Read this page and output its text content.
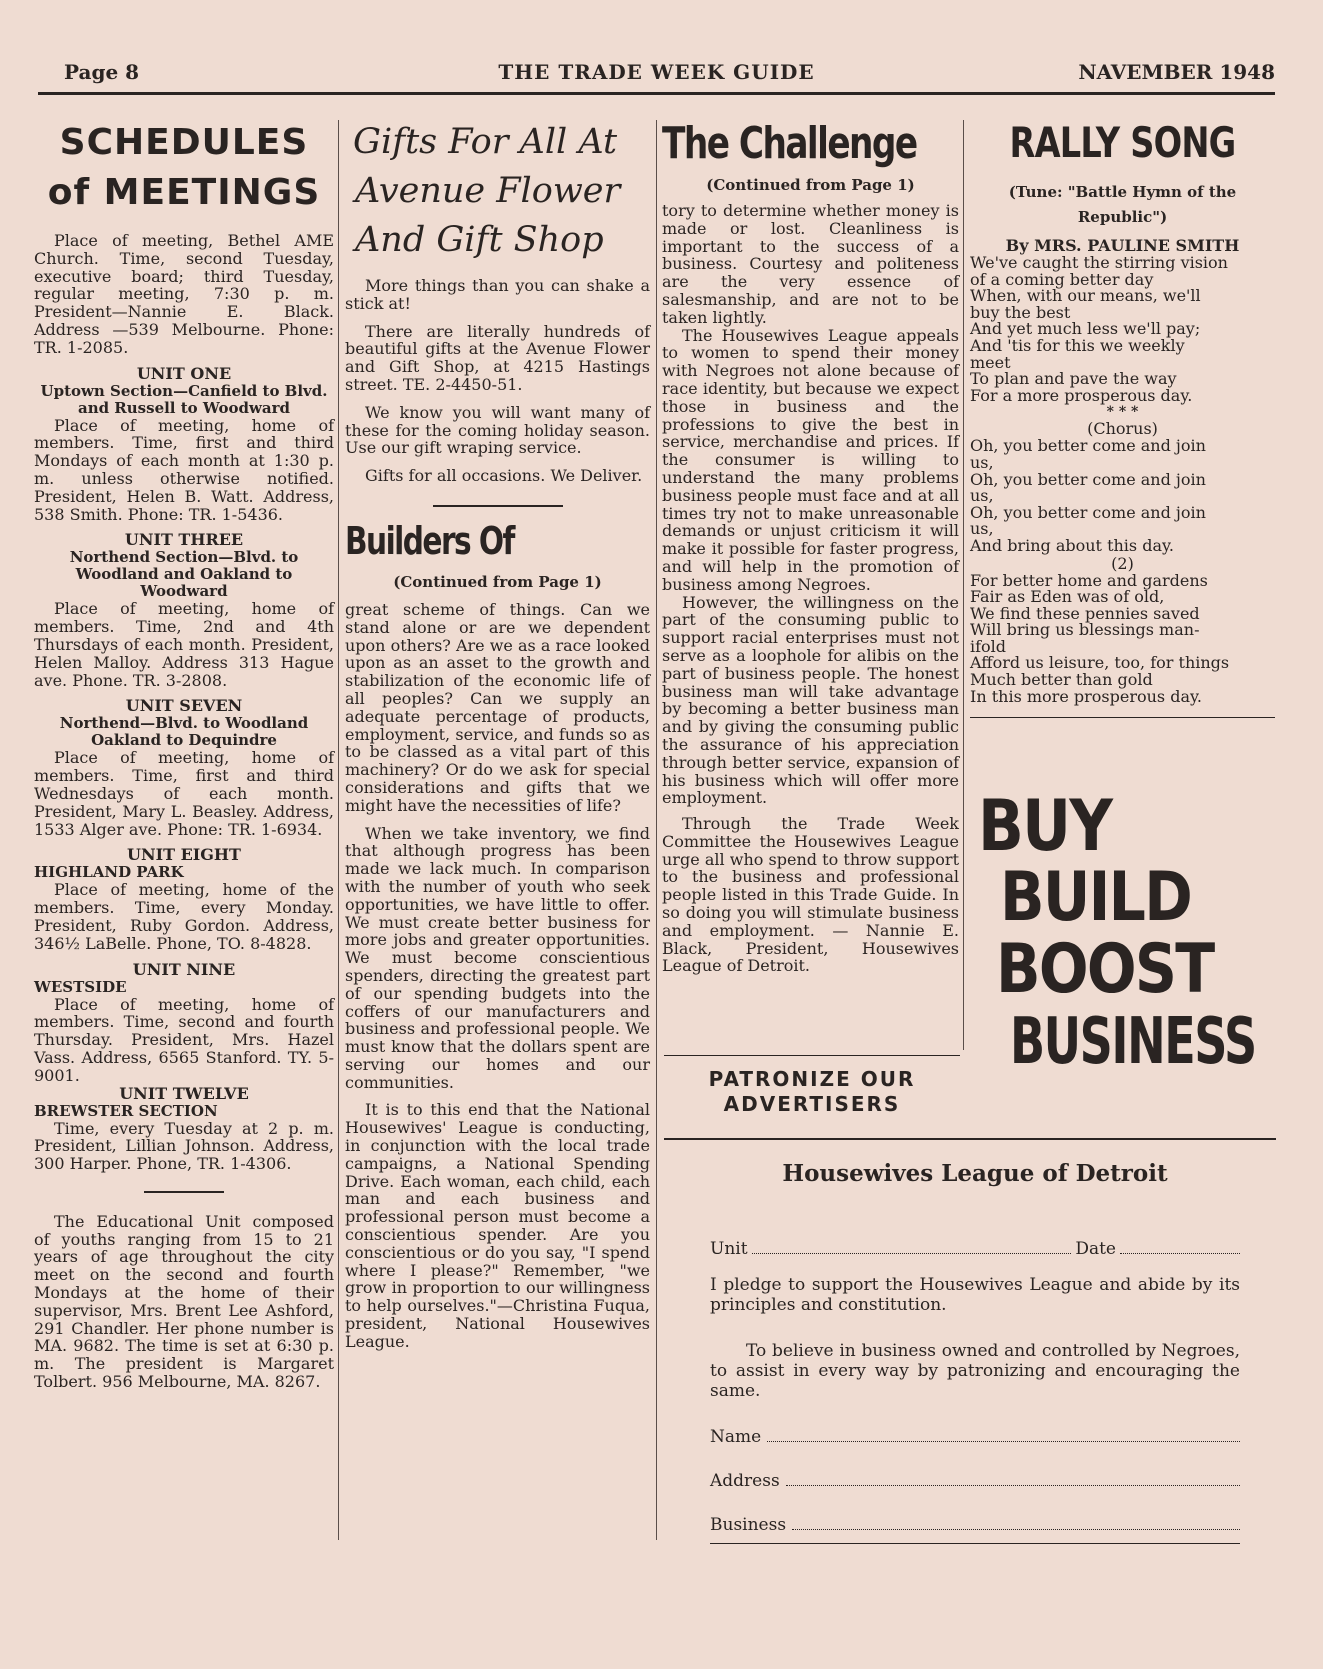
Page 8	THE TRADE WEEK GUIDE	NAVEMBER 1948
SCHEDULES
of MEETINGS

Place of meeting, Bethel AME Church. Time, second Tuesday, executive board; third Tuesday, regular meeting, 7:30 p. m. President—Nannie E. Black. Address —539 Melbourne. Phone: TR. 1-2085.

UNIT ONE

Uptown Section—Canfield to Blvd. and Russell to Woodward

Place of meeting, home of members. Time, first and third Mondays of each month at 1:30 p. m. unless otherwise notified. President, Helen B. Watt. Address, 538 Smith. Phone: TR. 1-5436.

UNIT THREE

Northend Section—Blvd. to Woodland and Oakland to Woodward

Place of meeting, home of members. Time, 2nd and 4th Thursdays of each month. President, Helen Malloy. Address 313 Hague ave. Phone. TR. 3-2808.

UNIT SEVEN

Northend—Blvd. to Woodland Oakland to Dequindre

Place of meeting, home of members. Time, first and third Wednesdays of each month. President, Mary L. Beasley. Address, 1533 Alger ave. Phone: TR. 1-6934.

UNIT EIGHT

HIGHLAND PARK

Place of meeting, home of the members. Time, every Monday. President, Ruby Gordon. Address, 346½ LaBelle. Phone, TO. 8-4828.

UNIT NINE

WESTSIDE

Place of meeting, home of members. Time, second and fourth Thursday. President, Mrs. Hazel Vass. Address, 6565 Stanford. TY. 5-9001.

UNIT TWELVE

BREWSTER SECTION

Time, every Tuesday at 2 p. m. President, Lillian Johnson. Address, 300 Harper. Phone, TR. 1-4306.

The Educational Unit composed of youths ranging from 15 to 21 years of age throughout the city meet on the second and fourth Mondays at the home of their supervisor, Mrs. Brent Lee Ashford, 291 Chandler. Her phone number is MA. 9682. The time is set at 6:30 p. m. The president is Margaret Tolbert. 956 Melbourne, MA. 8267.

Gifts For All At
Avenue Flower
And Gift Shop

More things than you can shake a stick at!

There are literally hundreds of beautiful gifts at the Avenue Flower and Gift Shop, at 4215 Hastings street. TE. 2-4450-51.

We know you will want many of these for the coming holiday season. Use our gift wraping service.

Gifts for all occasions. We Deliver.

Builders Of
(Continued from Page 1)

great scheme of things. Can we stand alone or are we dependent upon others? Are we as a race looked upon as an asset to the growth and stabilization of the economic life of all peoples? Can we supply an adequate percentage of products, employment, service, and funds so as to be classed as a vital part of this machinery? Or do we ask for special considerations and gifts that we might have the necessities of life?

When we take inventory, we find that although progress has been made we lack much. In comparison with the number of youth who seek opportunities, we have little to offer. We must create better business for more jobs and greater opportunities. We must become conscientious spenders, directing the greatest part of our spending budgets into the coffers of our manufacturers and business and professional people. We must know that the dollars spent are serving our homes and our communities.

It is to this end that the National Housewives' League is conducting, in conjunction with the local trade campaigns, a National Spending Drive. Each woman, each child, each man and each business and professional person must become a conscientious spender. Are you conscientious or do you say, "I spend where I please?" Remember, "we grow in proportion to our willingness to help ourselves."—Christina Fuqua, president, National Housewives League.

The Challenge
(Continued from Page 1)

tory to determine whether money is made or lost. Cleanliness is important to the success of a business. Courtesy and politeness are the very essence of salesmanship, and are not to be taken lightly.

The Housewives League appeals to women to spend their money with Negroes not alone because of race identity, but because we expect those in business and the professions to give the best in service, merchandise and prices. If the consumer is willing to understand the many problems business people must face and at all times try not to make unreasonable demands or unjust criticism it will make it possible for faster progress, and will help in the promotion of business among Negroes.

However, the willingness on the part of the consuming public to support racial enterprises must not serve as a loophole for alibis on the part of business people. The honest business man will take advantage by becoming a better business man and by giving the consuming public the assurance of his appreciation through better service, expansion of his business which will offer more employment.

Through the Trade Week Committee the Housewives League urge all who spend to throw support to the business and professional people listed in this Trade Guide. In so doing you will stimulate business and employment. — Nannie E. Black, President, Housewives League of Detroit.

PATRONIZE OUR
ADVERTISERS
RALLY SONG
(Tune: "Battle Hymn of the Republic")
By MRS. PAULINE SMITH
We've caught the stirring vision
of a coming better day
When, with our means, we'll
buy the best
And yet much less we'll pay;
And 'tis for this we weekly
meet
To plan and pave the way
For a more prosperous day.
* * *
(Chorus)
Oh, you better come and join
us,
Oh, you better come and join
us,
Oh, you better come and join
us,
And bring about this day.
(2)
For better home and gardens
Fair as Eden was of old,
We find these pennies saved
Will bring us blessings man-
ifold
Afford us leisure, too, for things
Much better than gold
In this more prosperous day.
BUY
BUILD
BOOST
BUSINESS
Housewives League of Detroit
Unit	Date

I pledge to support the Housewives League and abide by its principles and constitution.

To believe in business owned and controlled by Negroes, to assist in every way by patronizing and encouraging the same.

Name
Address
Business
